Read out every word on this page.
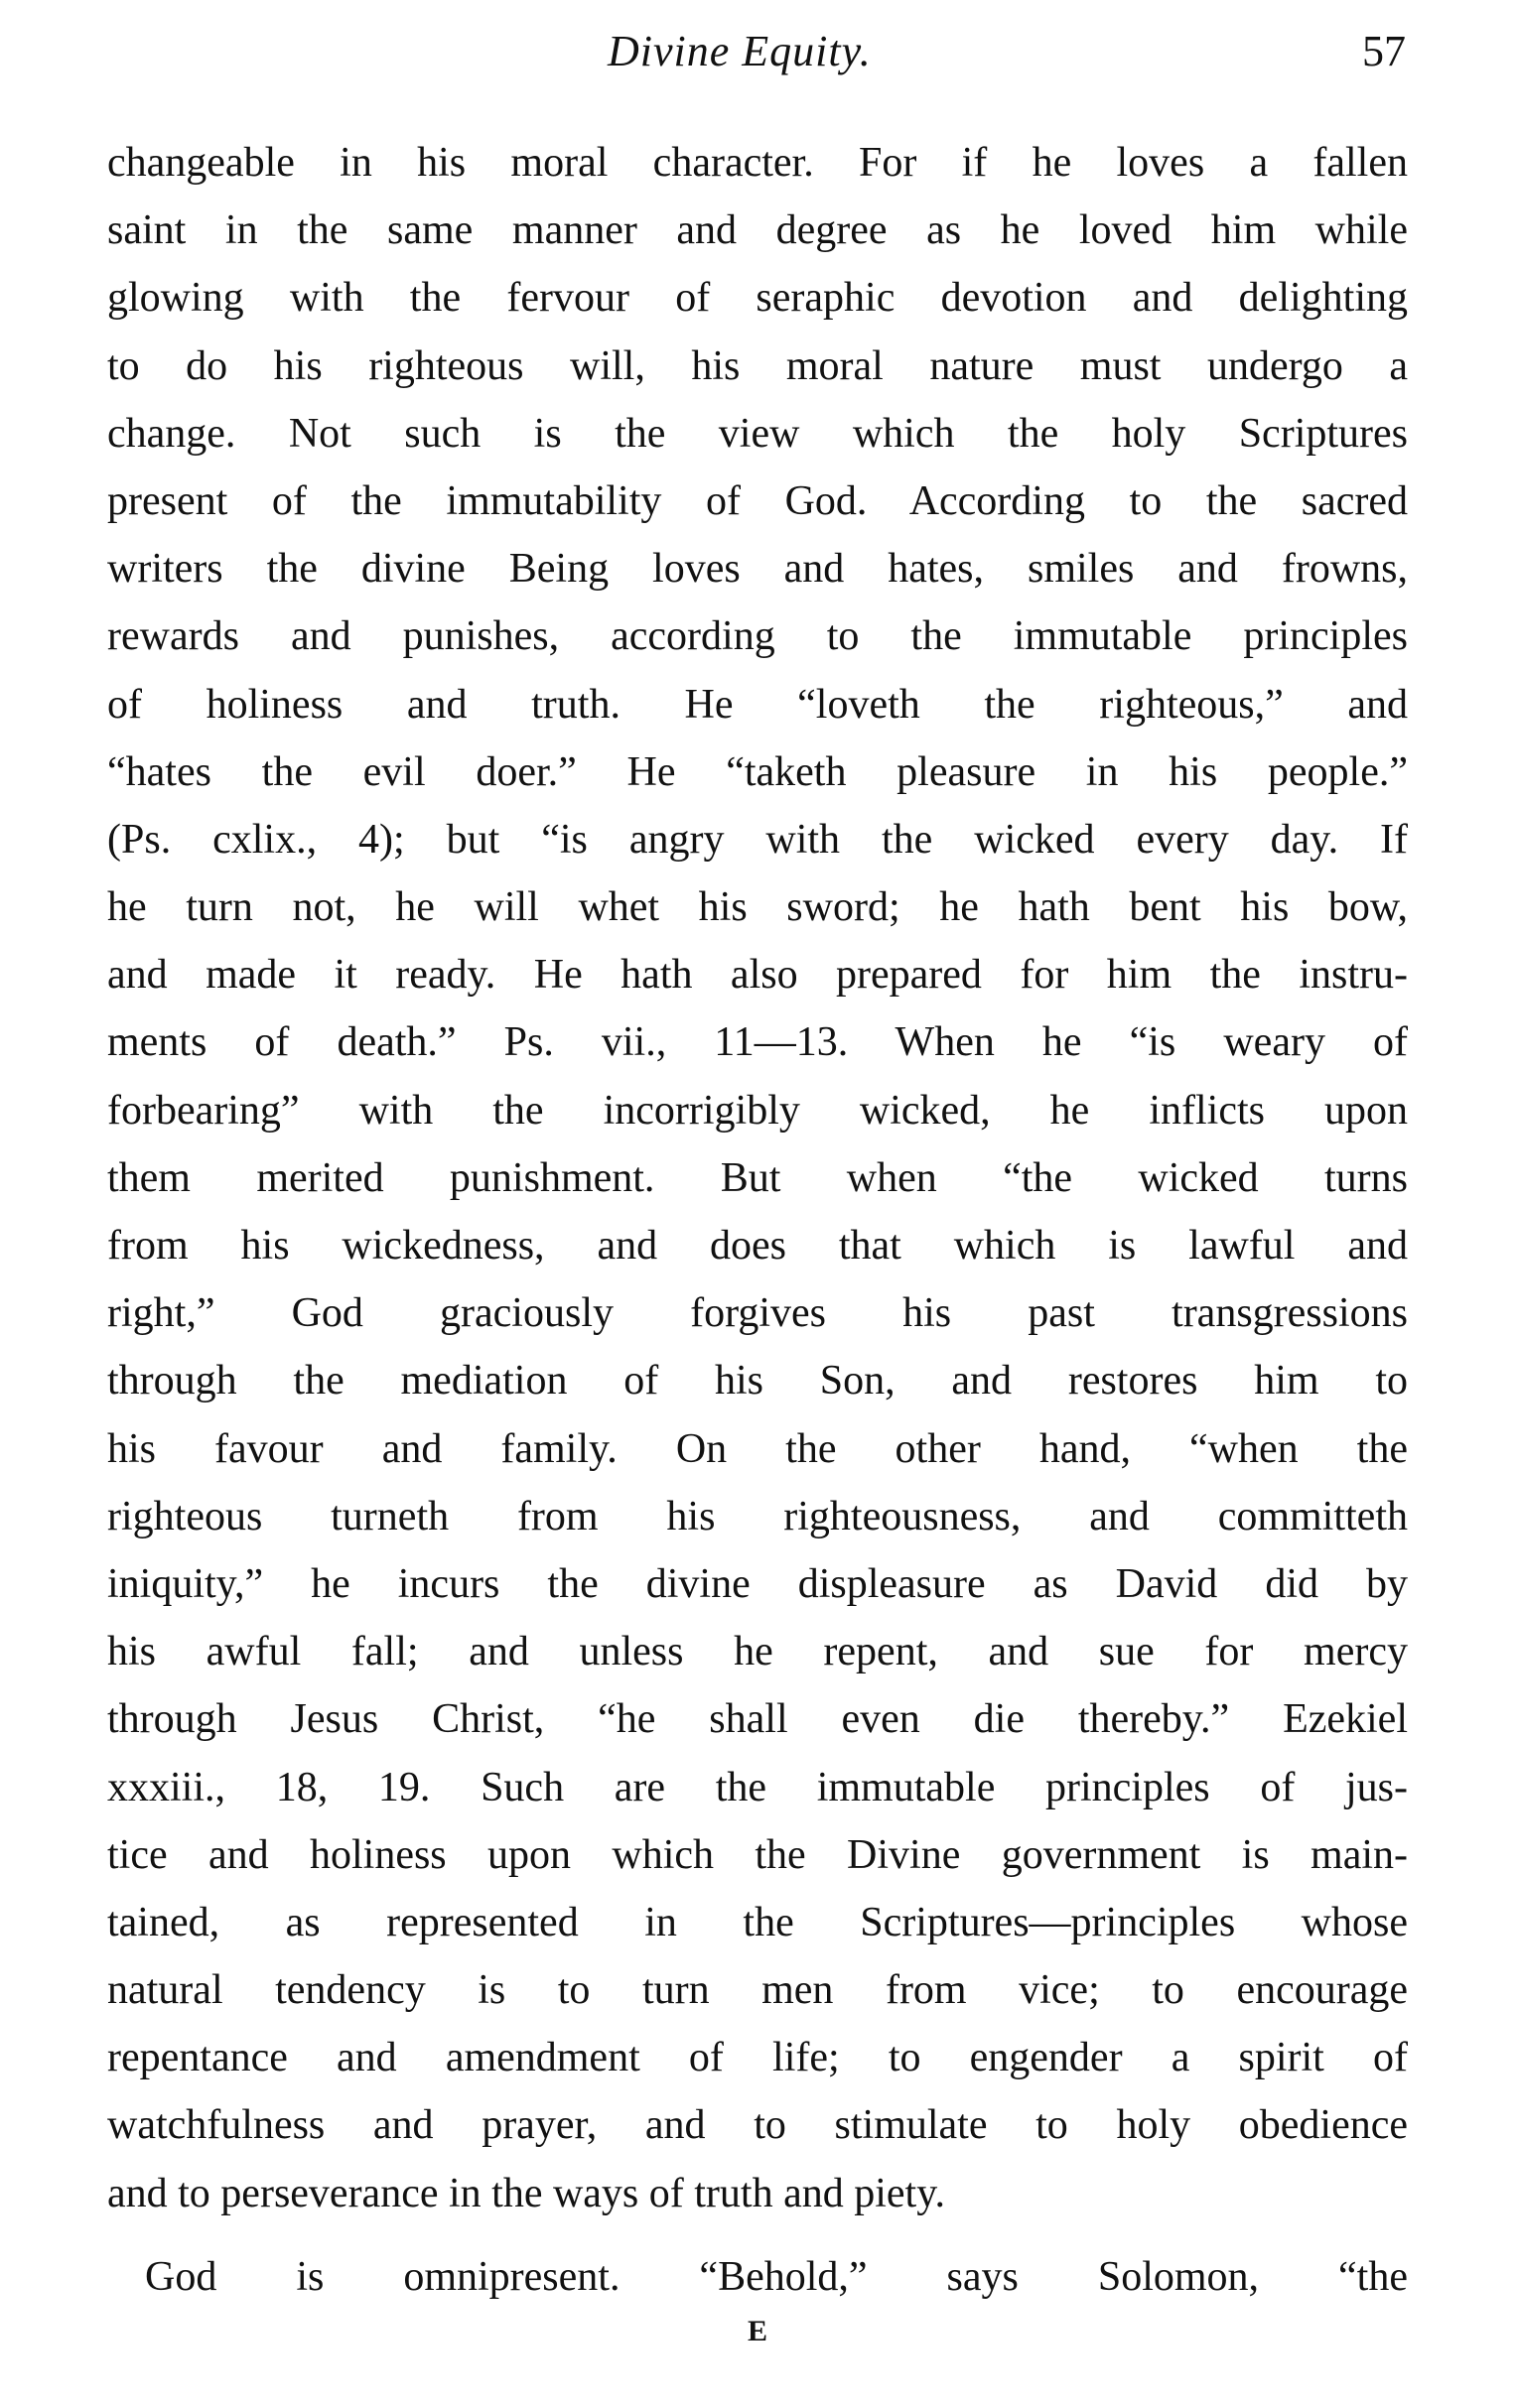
Divine Equity.	57
changeable in his moral character. For if he loves a fallen
saint in the same manner and degree as he loved him while
glowing with the fervour of seraphic devotion and delighting
to do his righteous will, his moral nature must undergo a
change. Not such is the view which the holy Scriptures
present of the immutability of God. According to the sacred
writers the divine Being loves and hates, smiles and frowns,
rewards and punishes, according to the immutable principles
of holiness and truth. He “loveth the righteous,” and
“hates the evil doer.” He “taketh pleasure in his people.”
(Ps. cxlix., 4); but “is angry with the wicked every day. If
he turn not, he will whet his sword; he hath bent his bow,
and made it ready. He hath also prepared for him the instru-
ments of death.” Ps. vii., 11—13. When he “is weary of
forbearing” with the incorrigibly wicked, he inflicts upon
them merited punishment. But when “the wicked turns
from his wickedness, and does that which is lawful and
right,” God graciously forgives his past transgressions
through the mediation of his Son, and restores him to
his favour and family. On the other hand, “when the
righteous turneth from his righteousness, and committeth
iniquity,” he incurs the divine displeasure as David did by
his awful fall; and unless he repent, and sue for mercy
through Jesus Christ, “he shall even die thereby.” Ezekiel
xxxiii., 18, 19. Such are the immutable principles of jus-
tice and holiness upon which the Divine government is main-
tained, as represented in the Scriptures—principles whose
natural tendency is to turn men from vice; to encourage
repentance and amendment of life; to engender a spirit of
watchfulness and prayer, and to stimulate to holy obedience
and to perseverance in the ways of truth and piety.
God is omnipresent. “Behold,” says Solomon, “the
E
